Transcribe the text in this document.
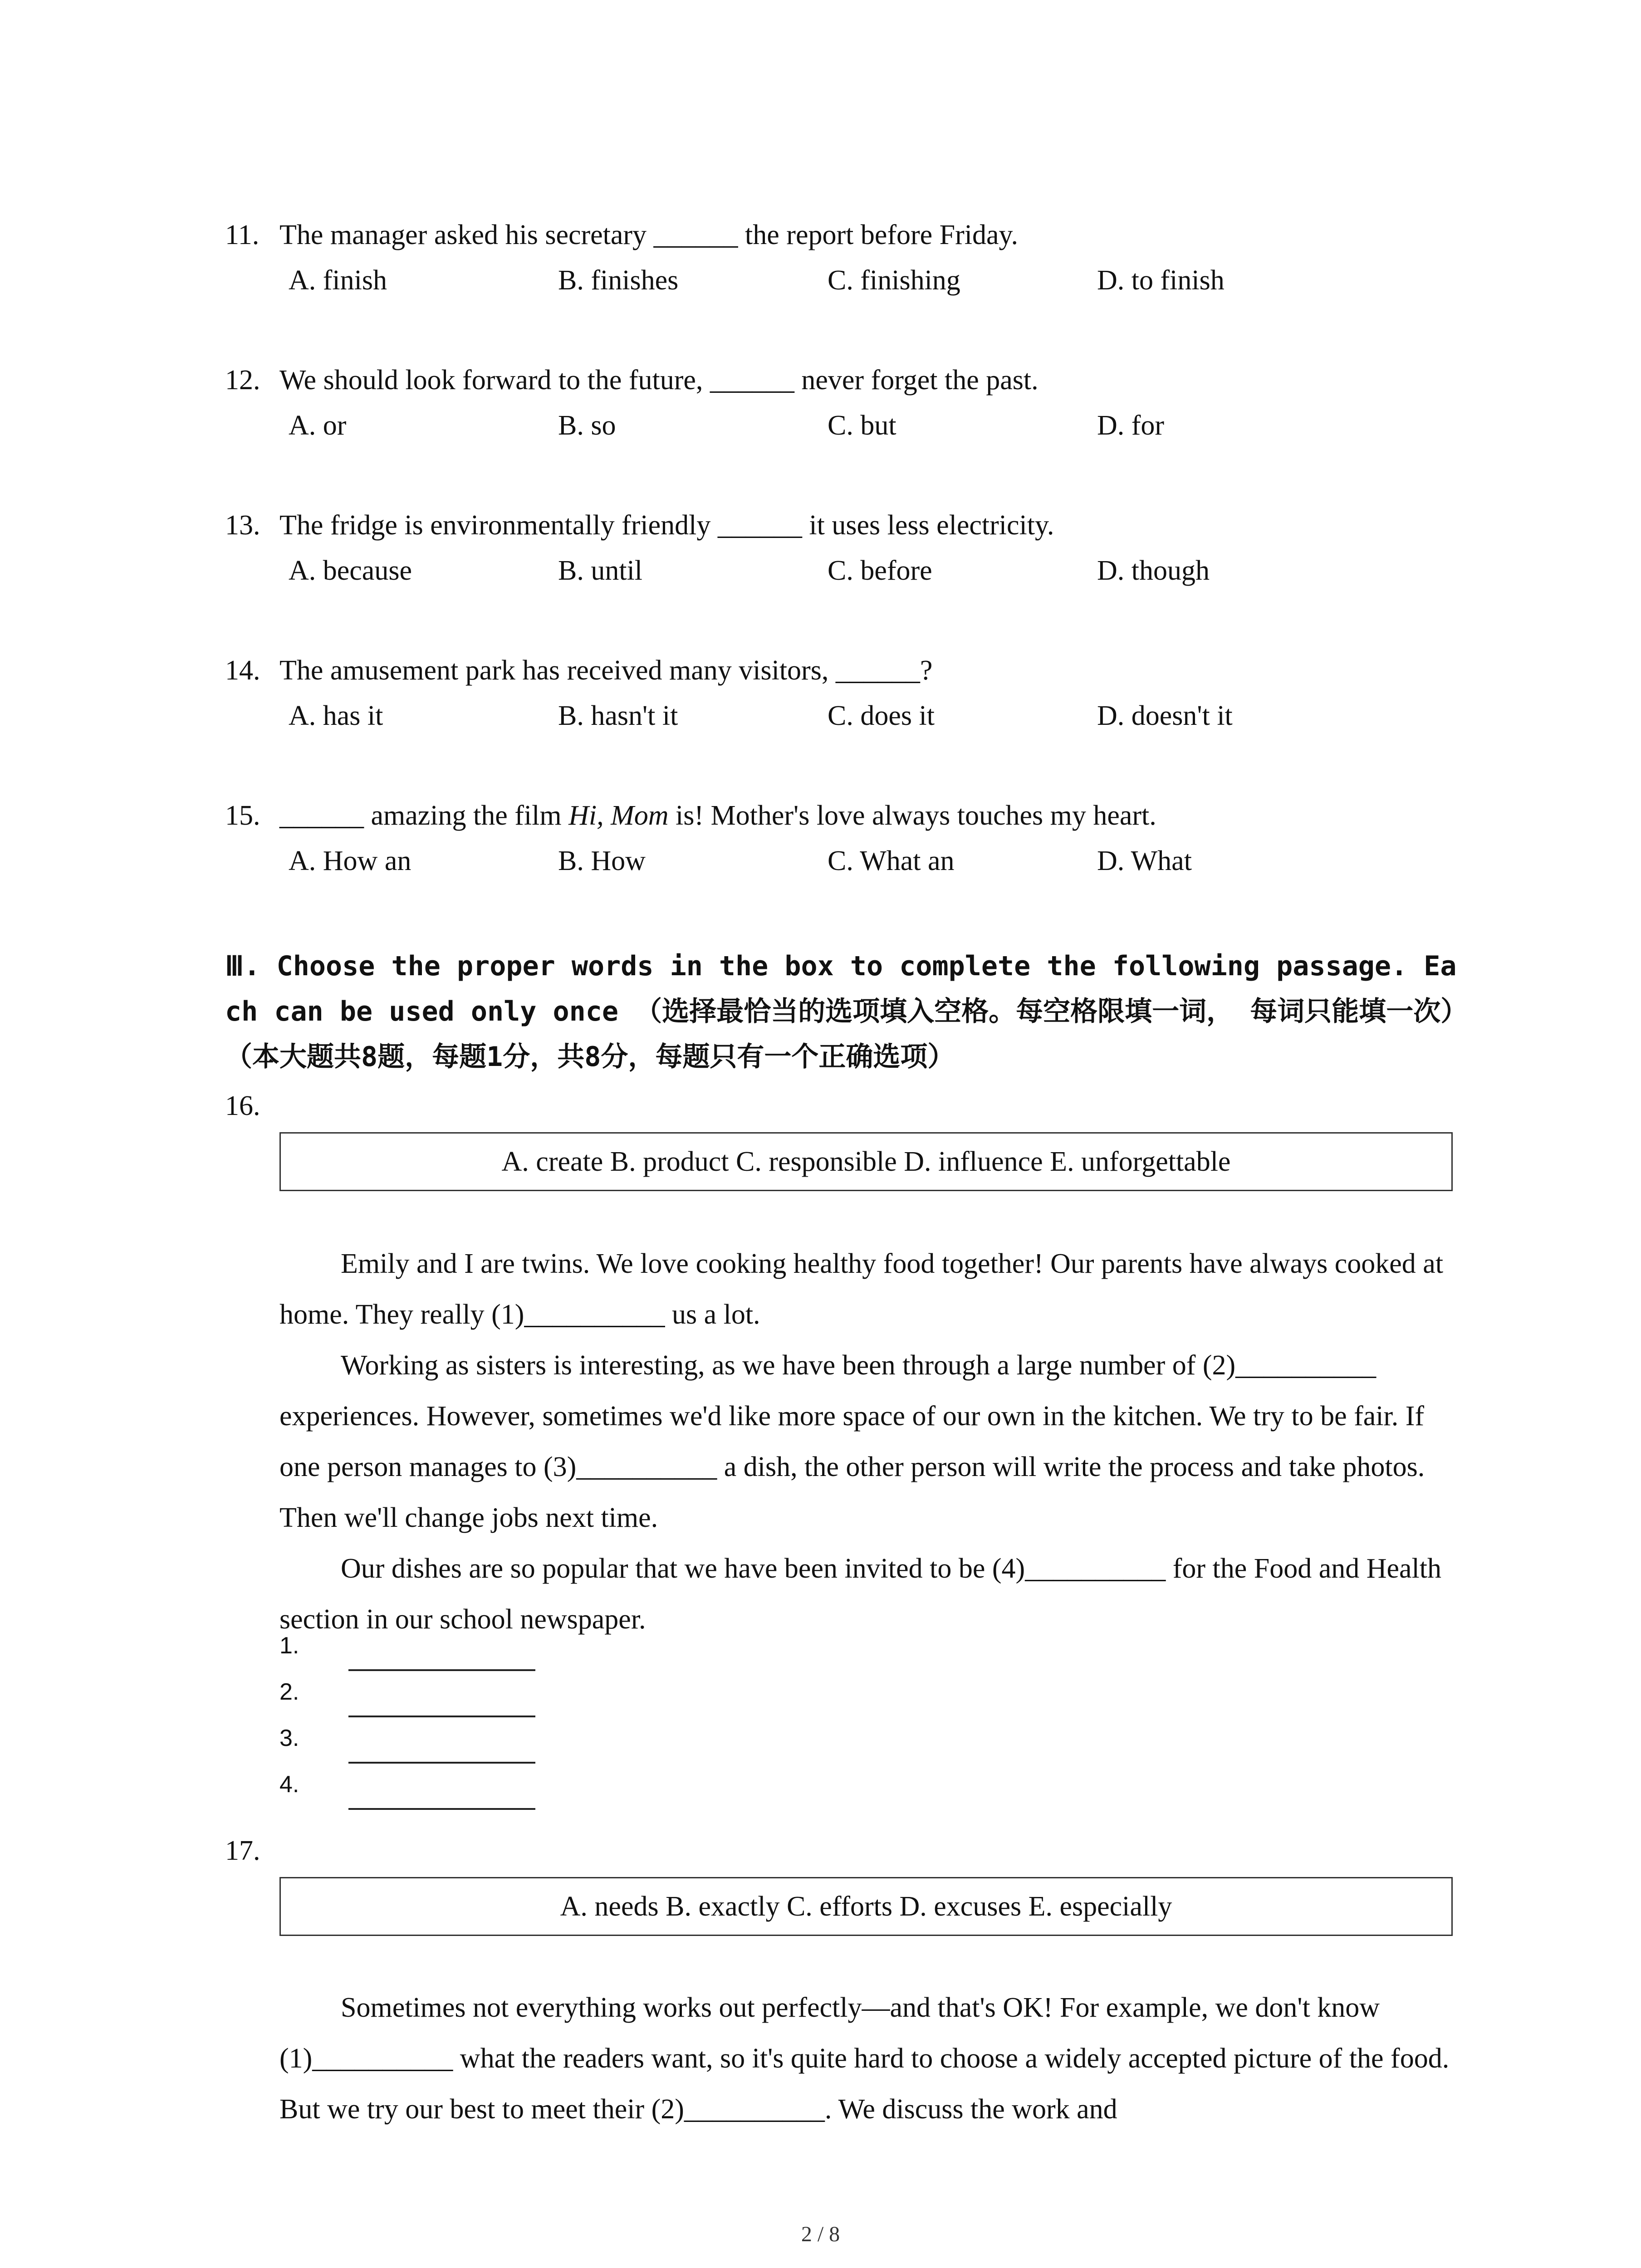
11. The manager asked his secretary ______ the report before Friday.
A. finish	B. finishes	C. finishing	D. to finish
12. We should look forward to the future, ______ never forget the past.
A. or	B. so	C. but	D. for
13. The fridge is environmentally friendly ______ it uses less electricity.
A. because	B. until	C. before	D. though
14. The amusement park has received many visitors, ______?
A. has it	B. hasn't it	C. does it	D. doesn't it
15. ______ amazing the film Hi, Mom is! Mother's love always touches my heart.
A. How an	B. How	C. What an	D. What
Ⅲ. Choose the proper words in the box to complete the following passage. Each can be used only once （选择最恰当的选项填入空格。每空格限填一词， 每词只能填一次）（本大题共8题，每题1分，共8分，每题只有一个正确选项）
16.
A. create B. product C. responsible D. influence E. unforgettable
Emily and I are twins. We love cooking healthy food together! Our parents have always cooked at home. They really (1)__________ us a lot.
Working as sisters is interesting, as we have been through a large number of (2)__________ experiences. However, sometimes we'd like more space of our own in the kitchen. We try to be fair. If one person manages to (3)__________ a dish, the other person will write the process and take photos. Then we'll change jobs next time.
Our dishes are so popular that we have been invited to be (4)__________ for the Food and Health section in our school newspaper.
1.
2.
3.
4.
17.
A. needs B. exactly C. efforts D. excuses E. especially
Sometimes not everything works out perfectly—and that's OK! For example, we don't know (1)__________ what the readers want, so it's quite hard to choose a widely accepted picture of the food. But we try our best to meet their (2)__________. We discuss the work and
2 / 8
